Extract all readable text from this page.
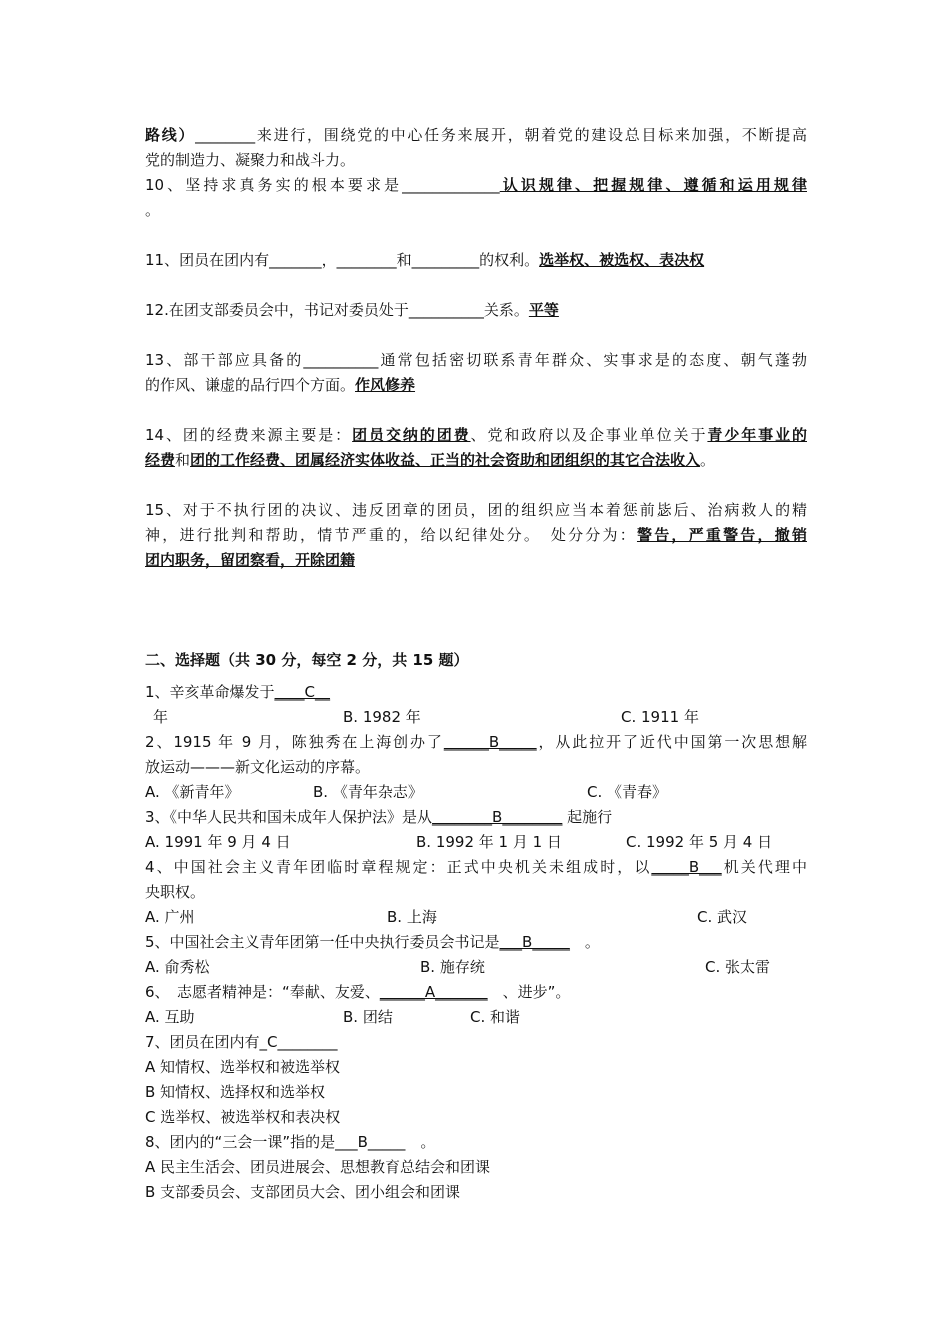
路线）________来进行，围绕党的中心任务来展开，朝着党的建设总目标来加强，不断提高
党的制造力、凝聚力和战斗力。
10、坚持求真务实的根本要求是_____________认识规律、把握规律、遵循和运用规律
。
11、团员在团内有_______，________和_________的权利。选举权、被选权、表决权
12.在团支部委员会中，书记对委员处于__________关系。平等
13、部干部应具备的__________通常包括密切联系青年群众、实事求是的态度、朝气蓬勃
的作风、谦虚的品行四个方面。作风修养
14、团的经费来源主要是：团员交纳的团费、党和政府以及企事业单位关于青少年事业的
经费和团的工作经费、团属经济实体收益、正当的社会资助和团组织的其它合法收入。
15、对于不执行团的决议、违反团章的团员，团的组织应当本着惩前毖后、治病救人的精
神，进行批判和帮助，情节严重的，给以纪律处分。　处分分为：警告，严重警告，撤销
团内职务，留团察看，开除团籍
二、选择题（共 30 分，每空 2 分，共 15 题）
1、辛亥革命爆发于____C__
年	B. 1982 年	C. 1911 年
2、1915 年 9 月，陈独秀在上海创办了______B_____，从此拉开了近代中国第一次思想解
放运动———新文化运动的序幕。
A. 《新青年》	B. 《青年杂志》	C. 《青春》
3、《中华人民共和国未成年人保护法》是从________B________ 起施行
A. 1991 年 9 月 4 日	B. 1992 年 1 月 1 日	C. 1992 年 5 月 4 日
4、中国社会主义青年团临时章程规定：正式中央机关未组成时，以_____B___机关代理中
央职权。
A. 广州	B. 上海	C. 武汉
5、中国社会主义青年团第一任中央执行委员会书记是___B_____　 。
A. 俞秀松	B. 施存统	C. 张太雷
6、　志愿者精神是：“奉献、友爱、______A_______　 、进步”。
A. 互助	B. 团结	C. 和谐
7、团员在团内有_C________
A 知情权、选举权和被选举权
B 知情权、选择权和选举权
C 选举权、被选举权和表决权
8、团内的“三会一课”指的是___B_____　。
A 民主生活会、团员进展会、思想教育总结会和团课
B 支部委员会、支部团员大会、团小组会和团课
